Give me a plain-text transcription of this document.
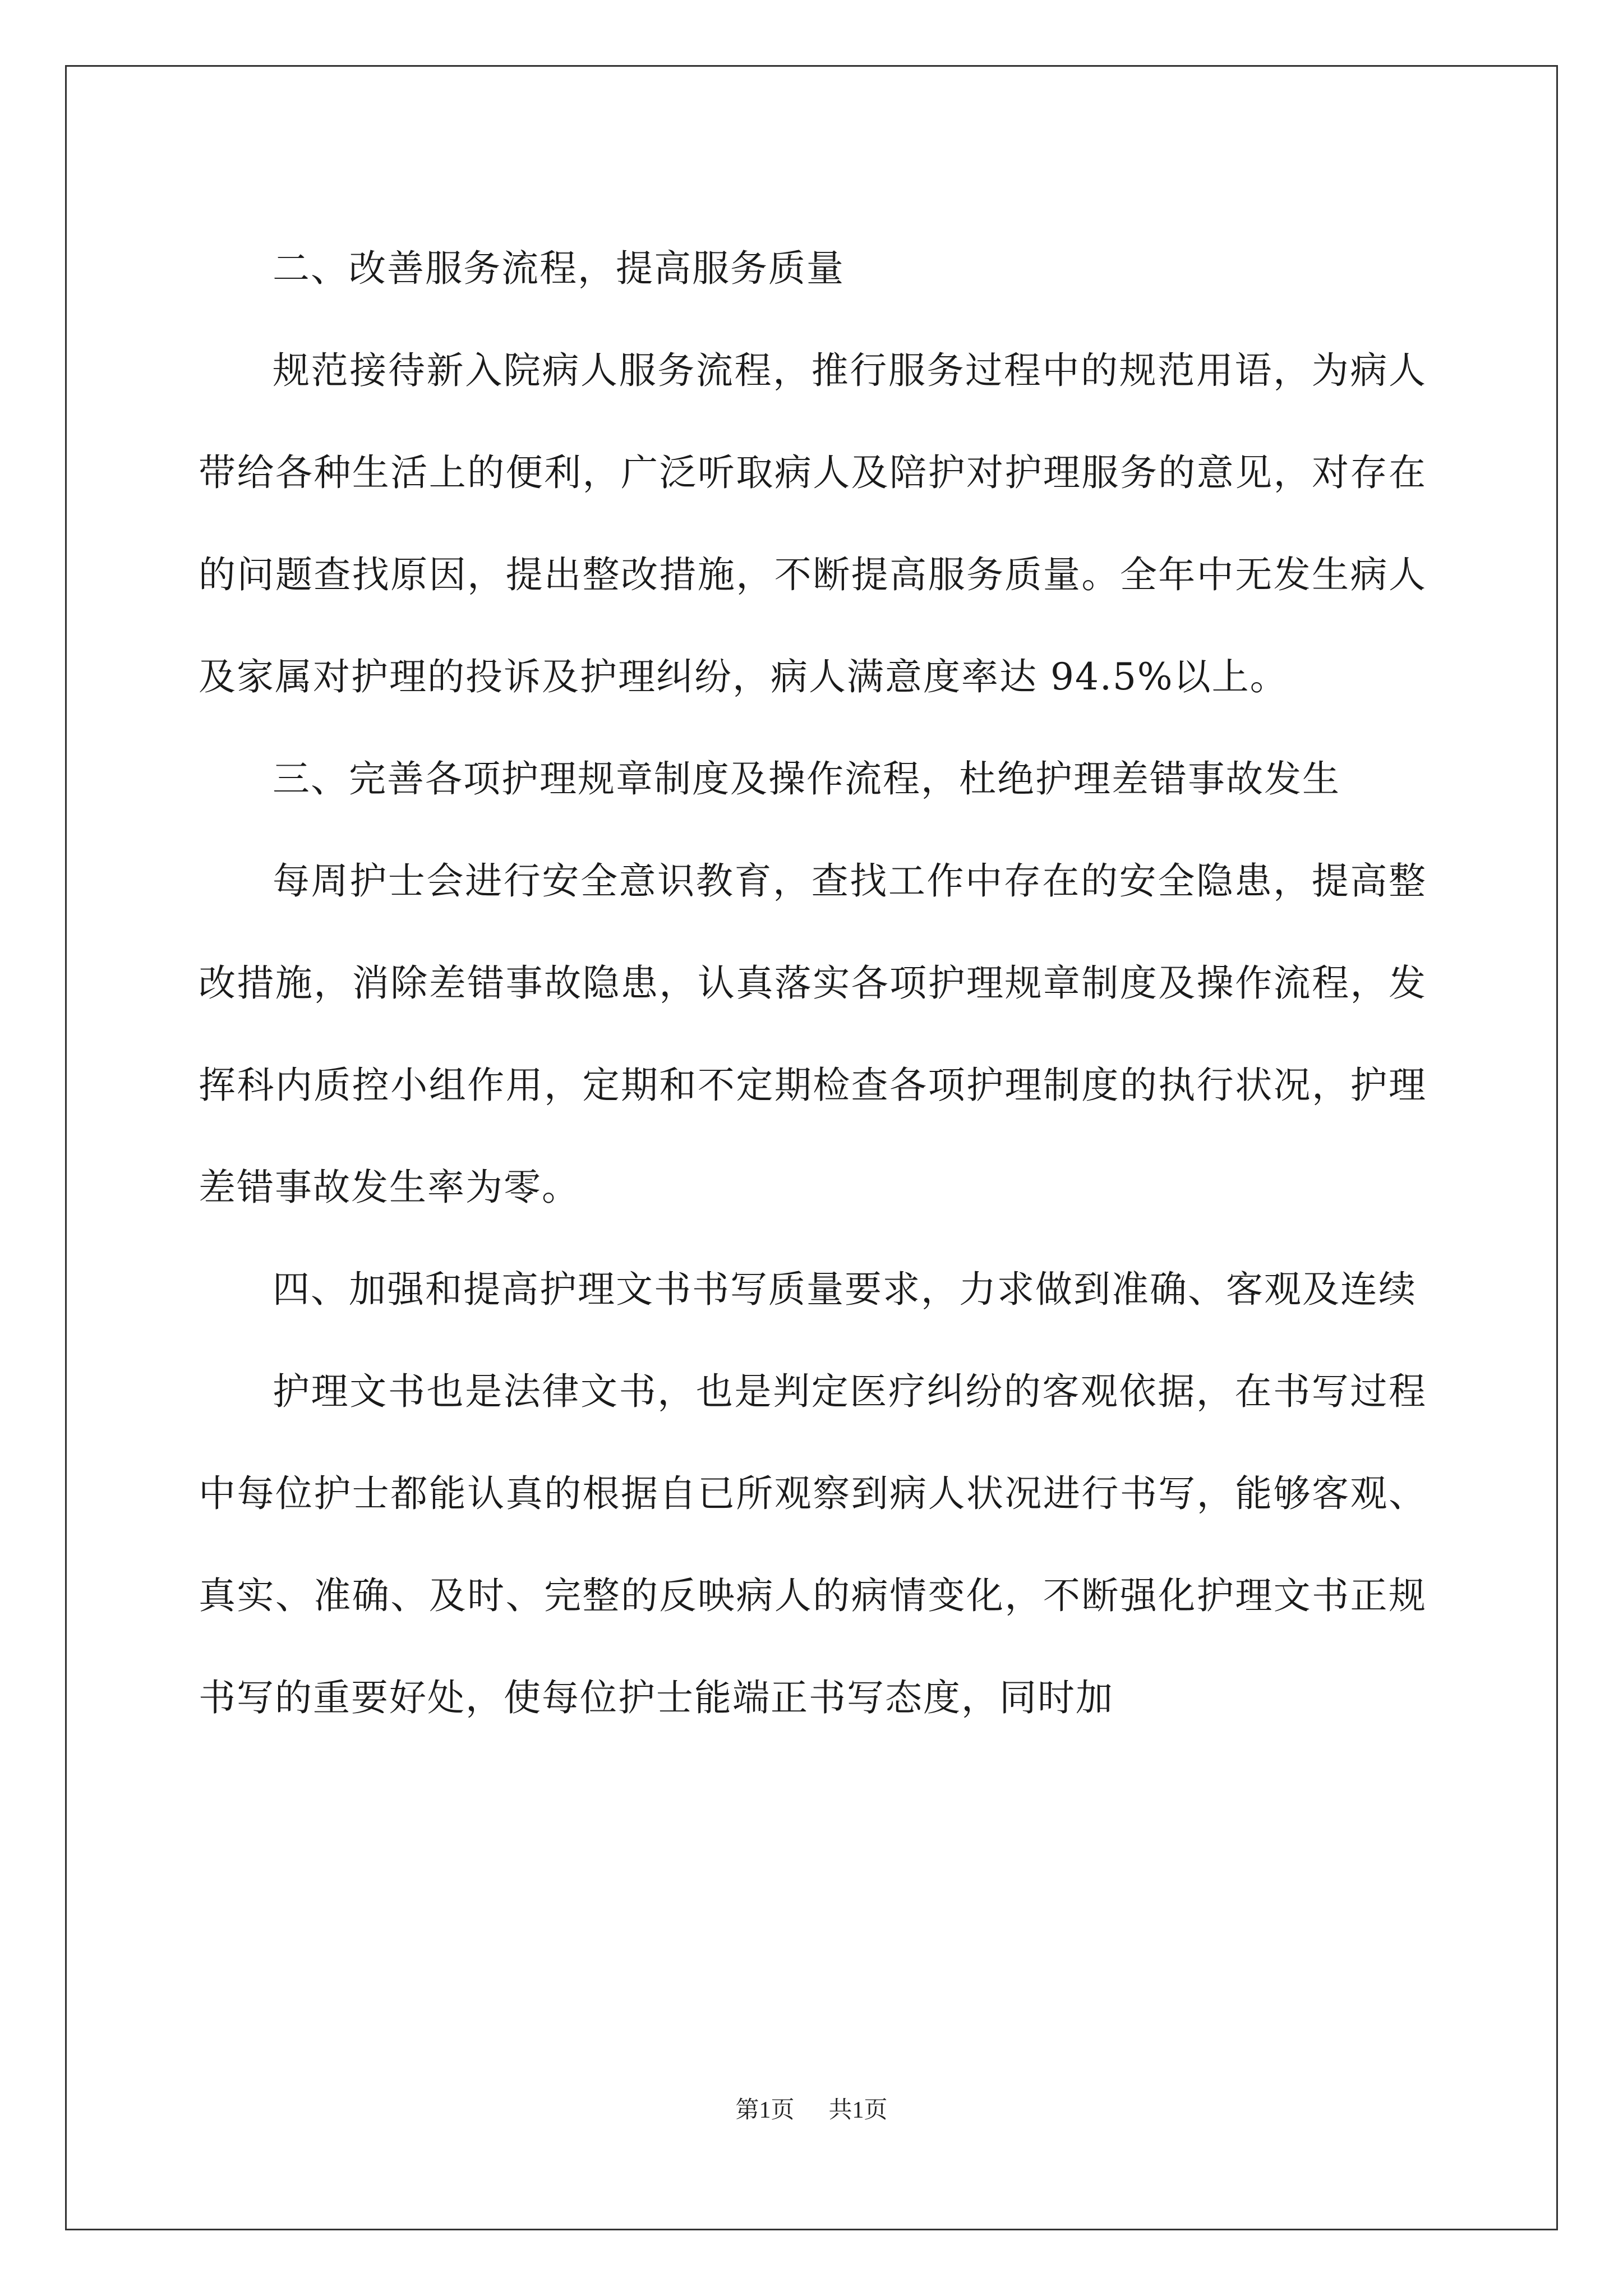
二、改善服务流程，提高服务质量

规范接待新入院病人服务流程，推行服务过程中的规范用语，为病人带给各种生活上的便利，广泛听取病人及陪护对护理服务的意见，对存在的问题查找原因，提出整改措施，不断提高服务质量。全年中无发生病人及家属对护理的投诉及护理纠纷，病人满意度率达 94.5%以上。

三、完善各项护理规章制度及操作流程，杜绝护理差错事故发生

每周护士会进行安全意识教育，查找工作中存在的安全隐患，提高整改措施，消除差错事故隐患，认真落实各项护理规章制度及操作流程，发挥科内质控小组作用，定期和不定期检查各项护理制度的执行状况，护理差错事故发生率为零。

四、加强和提高护理文书书写质量要求，力求做到准确、客观及连续

护理文书也是法律文书，也是判定医疗纠纷的客观依据，在书写过程中每位护士都能认真的根据自已所观察到病人状况进行书写，能够客观、真实、准确、及时、完整的反映病人的病情变化，不断强化护理文书正规书写的重要好处，使每位护士能端正书写态度，同时加

第1页 共1页
